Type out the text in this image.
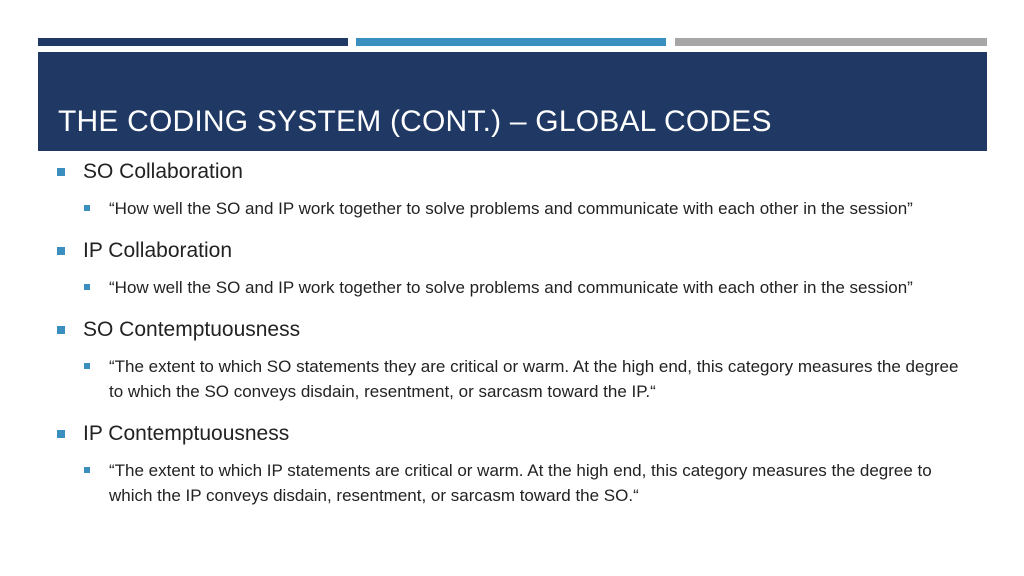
THE CODING SYSTEM (CONT.) – GLOBAL CODES
SO Collaboration
“How well the SO and IP work together to solve problems and communicate with each other in the session”
IP Collaboration
“How well the SO and IP work together to solve problems and communicate with each other in the session”
SO Contemptuousness
“The extent to which SO statements they are critical or warm. At the high end, this category measures the degree to which the SO conveys disdain, resentment, or sarcasm toward the IP.“
IP Contemptuousness
“The extent to which IP statements are critical or warm. At the high end, this category measures the degree to which the IP conveys disdain, resentment, or sarcasm toward the SO.“
